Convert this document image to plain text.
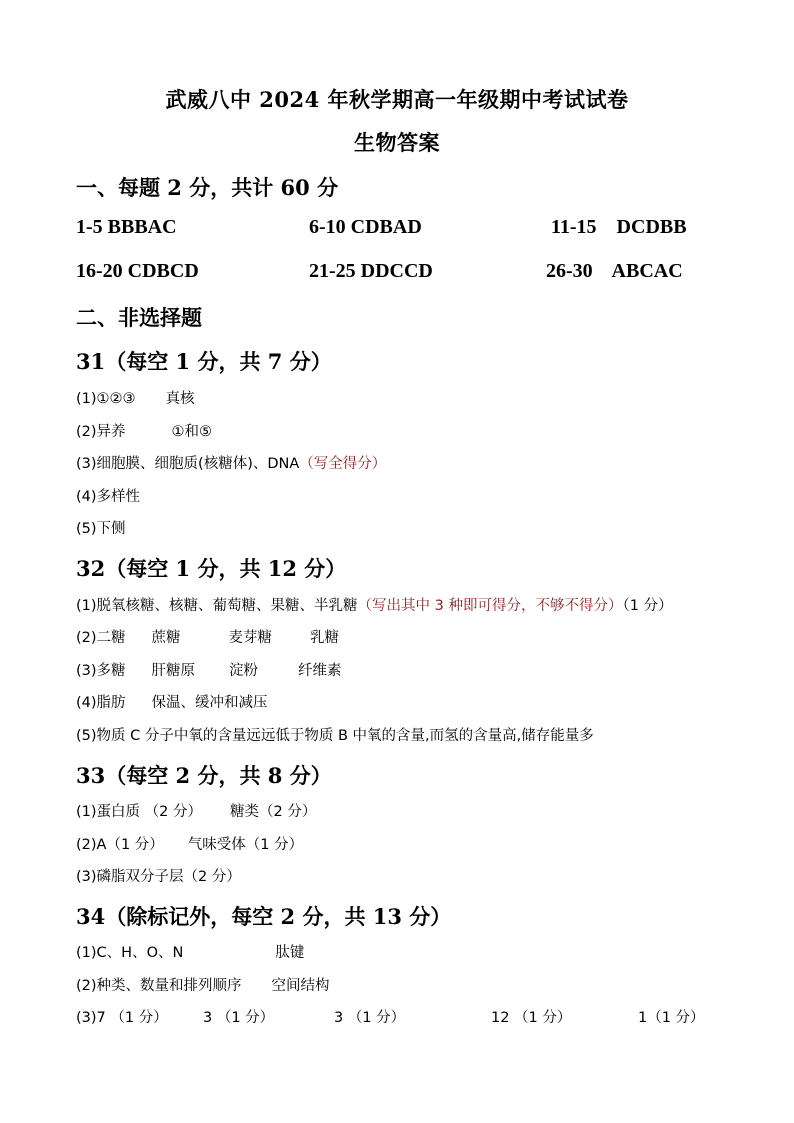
武威八中 2024 年秋学期高一年级期中考试试卷
生物答案
一、每题 2 分，共计 60 分
1-5 BBBAC	6-10 CDBAD	11-15    DCDBB
16-20 CDBCD	21-25 DDCCD	26-30    ABCAC
二、非选择题
31（每空 1 分，共 7 分）
(1)①②③ 真核
(2)异养	①和⑤
(3)细胞膜、细胞质(核糖体)、DNA（写全得分）
(4)多样性
(5)下侧
32（每空 1 分，共 12 分）
(1)脱氧核糖、核糖、葡萄糖、果糖、半乳糖（写出其中 3 种即可得分，不够不得分）（1 分）
(2)二糖 蔗糖	麦芽糖	乳糖
(3)多糖 肝糖原 淀粉	纤维素
(4)脂肪 保温、缓冲和减压
(5)物质 C 分子中氧的含量远远低于物质 B 中氧的含量,而氢的含量高,储存能量多
33（每空 2 分，共 8 分）
(1)蛋白质 （2 分） 糖类（2 分）
(2)A（1 分） 气味受体（1 分）
(3)磷脂双分子层（2 分）
34（除标记外，每空 2 分，共 13 分）
(1)C、H、O、N	肽键
(2)种类、数量和排列顺序 空间结构
(3)7 （1 分） 3 （1 分）	3 （1 分）	12 （1 分）	1（1 分）
